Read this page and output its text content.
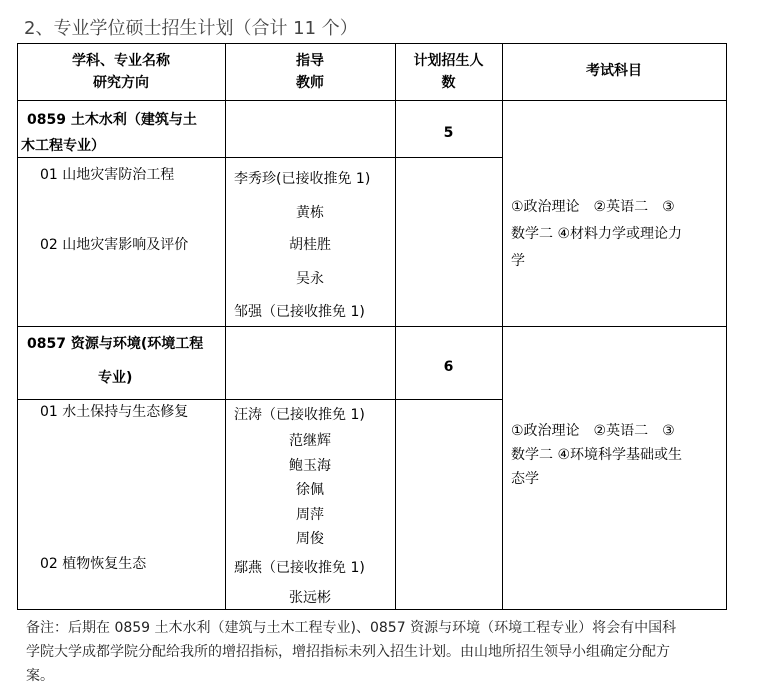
2、专业学位硕士招生计划（合计 11 个）
学科、专业名称
研究方向
指导
教师
计划招生人
数
考试科目
0859 土木水利（建筑与土
木工程专业）
5
01 山地灾害防治工程
02 山地灾害影响及评价
李秀珍(已接收推免 1)
黄栋
胡桂胜
吴永
邹强（已接收推免 1)
①政治理论　②英语二　③
数学二 ④材料力学或理论力
学
0857 资源与环境(环境工程
专业)
6
01 水土保持与生态修复
02 植物恢复生态
汪涛（已接收推免 1)
范继辉
鲍玉海
徐佩
周萍
周俊
鄢燕（已接收推免 1)
张远彬
①政治理论　②英语二　③
数学二 ④环境科学基础或生
态学
备注：后期在 0859 土木水利（建筑与土木工程专业)、0857 资源与环境（环境工程专业）将会有中国科
学院大学成都学院分配给我所的增招指标，增招指标未列入招生计划。由山地所招生领导小组确定分配方
案。
